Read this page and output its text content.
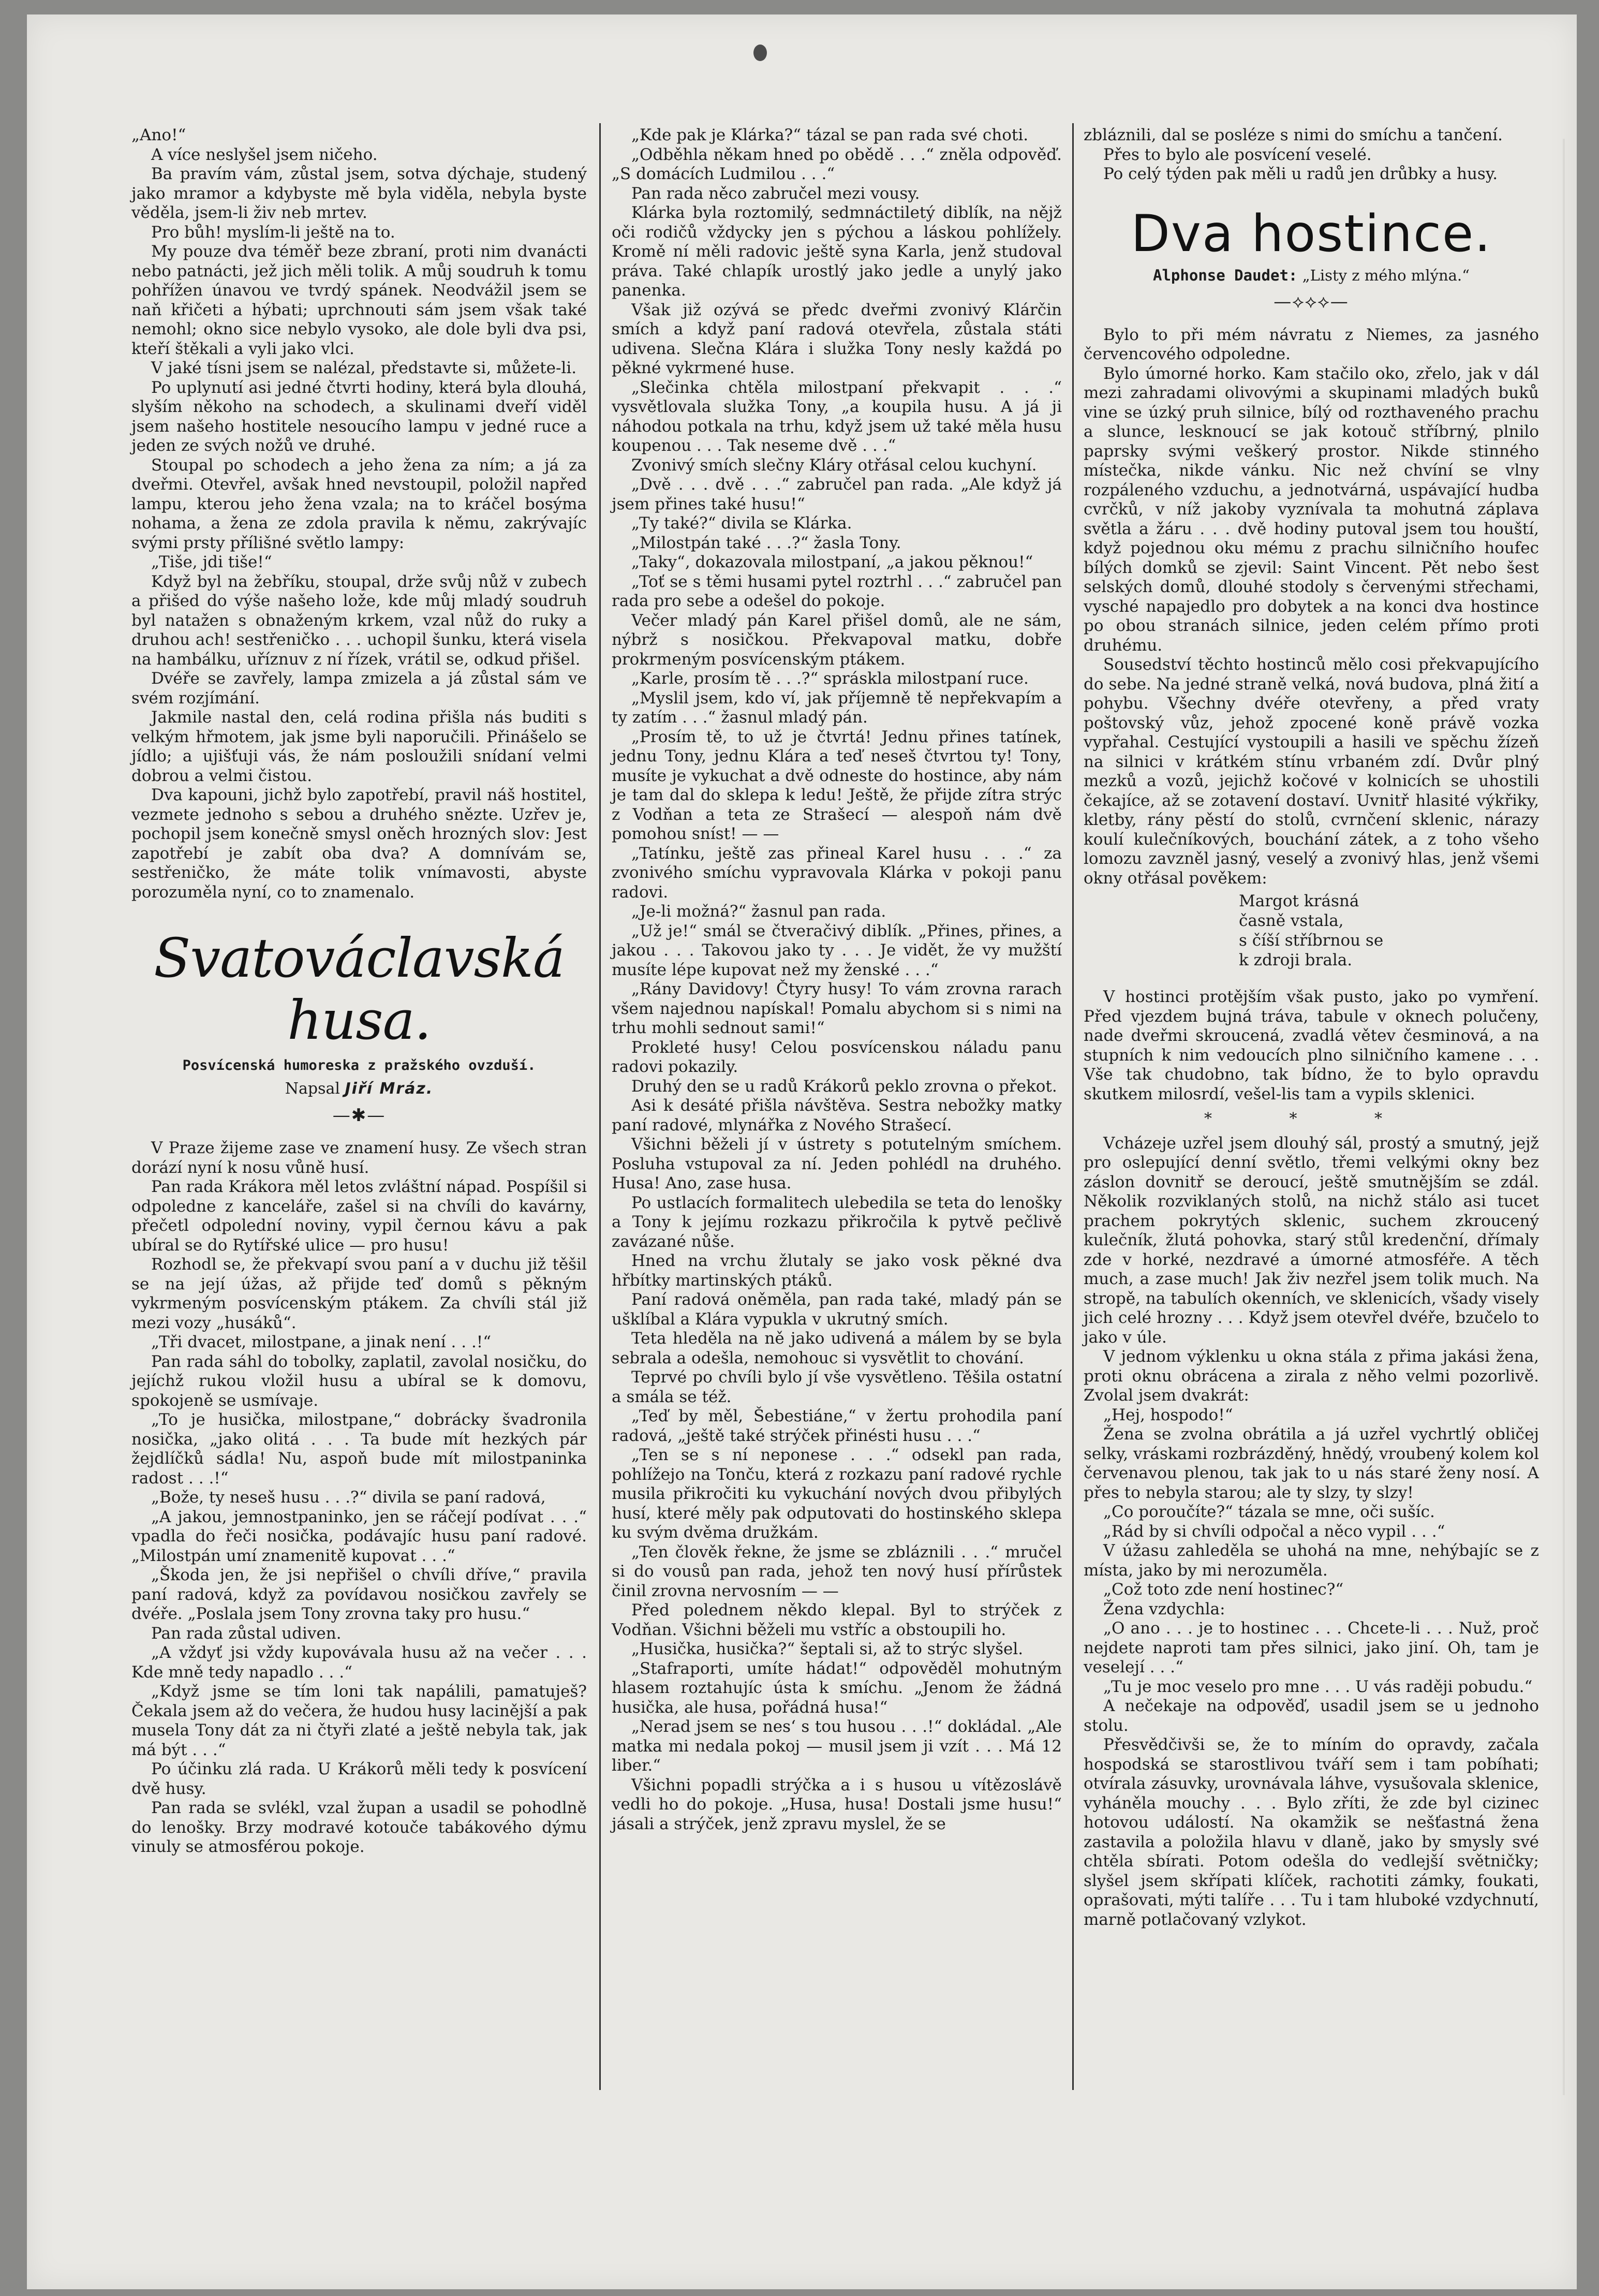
„Ano!“

A více neslyšel jsem ničeho.

Ba pravím vám, zůstal jsem, sotva dýchaje, studený jako mramor a kdybyste mě byla viděla, nebyla byste věděla, jsem-li živ neb mrtev.

Pro bůh! myslím-li ještě na to.

My pouze dva téměř beze zbraní, proti nim dvanácti nebo patnácti, jež jich měli tolik. A můj soudruh k tomu pohřížen únavou ve tvrdý spánek. Neodvážil jsem se naň křičeti a hýbati; uprchnouti sám jsem však také nemohl; okno sice nebylo vysoko, ale dole byli dva psi, kteří štěkali a vyli jako vlci.

V jaké tísni jsem se nalézal, představte si, můžete-li.

Po uplynutí asi jedné čtvrti hodiny, která byla dlouhá, slyším někoho na schodech, a skulinami dveří viděl jsem našeho hostitele nesoucího lampu v jedné ruce a jeden ze svých nožů ve druhé.

Stoupal po schodech a jeho žena za ním; a já za dveřmi. Otevřel, avšak hned nevstoupil, položil napřed lampu, kterou jeho žena vzala; na to kráčel bosýma nohama, a žena ze zdola pravila k němu, zakrývajíc svými prsty přílišné světlo lampy:

„Tiše, jdi tiše!“

Když byl na žebříku, stoupal, drže svůj nůž v zubech a přišed do výše našeho lože, kde můj mladý soudruh byl natažen s obnaženým krkem, vzal nůž do ruky a druhou ach! sestřeničko . . . uchopil šunku, která visela na hambálku, uříznuv z ní řízek, vrátil se, odkud přišel.

Dvéře se zavřely, lampa zmizela a já zůstal sám ve svém rozjímání.

Jakmile nastal den, celá rodina přišla nás buditi s velkým hřmotem, jak jsme byli naporučili. Přinášelo se jídlo; a ujišťuji vás, že nám posloužili snídaní velmi dobrou a velmi čistou.

Dva kapouni, jichž bylo zapotřebí, pravil náš hostitel, vezmete jednoho s sebou a druhého snězte. Uzřev je, pochopil jsem konečně smysl oněch hrozných slov: Jest zapotřebí je zabít oba dva? A domnívám se, sestřeničko, že máte tolik vnímavosti, abyste porozuměla nyní, co to znamenalo.

Svatováclavská husa.
Posvícenská humoreska z pražského ovzduší.
Napsal Jiří Mráz.
—✱—

V Praze žijeme zase ve znamení husy. Ze všech stran dorází nyní k nosu vůně husí.

Pan rada Krákora měl letos zvláštní nápad. Pospíšil si odpoledne z kanceláře, zašel si na chvíli do kavárny, přečetl odpolední noviny, vypil černou kávu a pak ubíral se do Rytířské ulice — pro husu!

Rozhodl se, že překvapí svou paní a v duchu již těšil se na její úžas, až přijde teď domů s pěkným vykrmeným posvícenským ptákem. Za chvíli stál již mezi vozy „husáků“.

„Tři dvacet, milostpane, a jinak není . . .!“

Pan rada sáhl do tobolky, zaplatil, zavolal nosičku, do jejíchž rukou vložil husu a ubíral se k domovu, spokojeně se usmívaje.

„To je husička, milostpane,“ dobrácky švadronila nosička, „jako olitá . . . Ta bude mít hezkých pár žejdlíčků sádla! Nu, aspoň bude mít milostpaninka radost . . .!“

„Bože, ty neseš husu . . .?“ divila se paní radová,

„A jakou, jemnostpaninko, jen se ráčejí podívat . . .“ vpadla do řeči nosička, podávajíc husu paní radové. „Milostpán umí znamenitě kupovat . . .“

„Škoda jen, že jsi nepřišel o chvíli dříve,“ pravila paní radová, když za povídavou nosičkou zavřely se dvéře. „Poslala jsem Tony zrovna taky pro husu.“

Pan rada zůstal udiven.

„A vždyť jsi vždy kupovávala husu až na večer . . . Kde mně tedy napadlo . . .“

„Když jsme se tím loni tak napálili, pamatuješ? Čekala jsem až do večera, že hudou husy lacinější a pak musela Tony dát za ni čtyři zlaté a ještě nebyla tak, jak má být . . .“

Po účinku zlá rada. U Krákorů měli tedy k posvícení dvě husy.

Pan rada se svlékl, vzal župan a usadil se pohodlně do lenošky. Brzy modravé kotouče tabákového dýmu vinuly se atmosférou pokoje.

„Kde pak je Klárka?“ tázal se pan rada své choti.

„Odběhla někam hned po obědě . . .“ zněla odpověď. „S domácích Ludmilou . . .“

Pan rada něco zabručel mezi vousy.

Klárka byla roztomilý, sedmnáctiletý diblík, na nějž oči rodičů vždycky jen s pýchou a láskou pohlížely. Kromě ní měli radovic ještě syna Karla, jenž studoval práva. Také chlapík urostlý jako jedle a unylý jako panenka.

Však již ozývá se předc dveřmi zvonivý Klárčin smích a když paní radová otevřela, zůstala státi udivena. Slečna Klára i služka Tony nesly každá po pěkné vykrmené huse.

„Slečinka chtěla milostpaní překvapit . . .“ vysvětlovala služka Tony, „a koupila husu. A já ji náhodou potkala na trhu, když jsem už také měla husu koupenou . . . Tak neseme dvě . . .“

Zvonivý smích slečny Kláry otřásal celou kuchyní.

„Dvě . . . dvě . . .“ zabručel pan rada. „Ale když já jsem přines také husu!“

„Ty také?“ divila se Klárka.

„Milostpán také . . .?“ žasla Tony.

„Taky“, dokazovala milostpaní, „a jakou pěknou!“

„Toť se s těmi husami pytel roztrhl . . .“ zabručel pan rada pro sebe a odešel do pokoje.

Večer mladý pán Karel přišel domů, ale ne sám, nýbrž s nosičkou. Překvapoval matku, dobře prokrmeným posvícenským ptákem.

„Karle, prosím tě . . .?“ spráskla milostpaní ruce.

„Myslil jsem, kdo ví, jak příjemně tě nepřekvapím a ty zatím . . .“ žasnul mladý pán.

„Prosím tě, to už je čtvrtá! Jednu přines tatínek, jednu Tony, jednu Klára a teď neseš čtvrtou ty! Tony, musíte je vykuchat a dvě odneste do hostince, aby nám je tam dal do sklepa k ledu! Ještě, že přijde zítra strýc z Vodňan a teta ze Strašecí — alespoň nám dvě pomohou sníst! — —

„Tatínku, ještě zas přineal Karel husu . . .“ za zvonivého smíchu vypravovala Klárka v pokoji panu radovi.

„Je-li možná?“ žasnul pan rada.

„Už je!“ smál se čtveračivý diblík. „Přines, přines, a jakou . . . Takovou jako ty . . . Je vidět, že vy mužští musíte lépe kupovat než my ženské . . .“

„Rány Davidovy! Čtyry husy! To vám zrovna rarach všem najednou napískal! Pomalu abychom si s nimi na trhu mohli sednout sami!“

Prokleté husy! Celou posvícenskou náladu panu radovi pokazily.

Druhý den se u radů Krákorů peklo zrovna o překot.

Asi k desáté přišla návštěva. Sestra nebožky matky paní radové, mlynářka z Nového Strašecí.

Všichni běželi jí v ústrety s potutelným smíchem. Posluha vstupoval za ní. Jeden pohlédl na druhého. Husa! Ano, zase husa.

Po ustlacích formalitech ulebedila se teta do lenošky a Tony k jejímu rozkazu přikročila k pytvě pečlivě zavázané nůše.

Hned na vrchu žlutaly se jako vosk pěkné dva hřbítky martinských ptáků.

Paní radová oněměla, pan rada také, mladý pán se ušklíbal a Klára vypukla v ukrutný smích.

Teta hleděla na ně jako udivená a málem by se byla sebrala a odešla, nemohouc si vysvětlit to chování.

Teprvé po chvíli bylo jí vše vysvětleno. Těšila ostatní a smála se též.

„Teď by měl, Šebestiáne,“ v žertu prohodila paní radová, „ještě také strýček přinésti husu . . .“

„Ten se s ní neponese . . .“ odsekl pan rada, pohlížejo na Tonču, která z rozkazu paní radové rychle musila přikročiti ku vykuchání nových dvou přibylých husí, které měly pak odputovati do hostinského sklepa ku svým dvěma družkám.

„Ten člověk řekne, že jsme se zbláznili . . .“ mručel si do vousů pan rada, jehož ten nový husí přírůstek činil zrovna nervosním — —

Před polednem někdo klepal. Byl to strýček z Vodňan. Všichni běželi mu vstříc a obstoupili ho.

„Husička, husička?“ šeptali si, až to strýc slyšel.

„Stafraporti, umíte hádat!“ odpověděl mohutným hlasem roztahujíc ústa k smíchu. „Jenom že žádná husička, ale husa, pořádná husa!“

„Nerad jsem se nes‘ s tou husou . . .!“ dokládal. „Ale matka mi nedala pokoj — musil jsem ji vzít . . . Má 12 liber.“

Všichni popadli strýčka a i s husou u vítězoslávě vedli ho do pokoje. „Husa, husa! Dostali jsme husu!“ jásali a strýček, jenž zpravu myslel, že se

zbláznili, dal se posléze s nimi do smíchu a tančení.

Přes to bylo ale posvícení veselé.

Po celý týden pak měli u radů jen drůbky a husy.

Dva hostince.
Alphonse Daudet: „Listy z mého mlýna.“
—⟡⟡⟡—

Bylo to při mém návratu z Niemes, za jasného červencového odpoledne.

Bylo úmorné horko. Kam stačilo oko, zřelo, jak v dál mezi zahradami olivovými a skupinami mladých buků vine se úzký pruh silnice, bílý od rozthaveného prachu a slunce, lesknoucí se jak kotouč stříbrný, plnilo paprsky svými veškerý prostor. Nikde stinného místečka, nikde vánku. Nic než chvíní se vlny rozpáleného vzduchu, a jednotvárná, uspávající hudba cvrčků, v níž jakoby vyznívala ta mohutná záplava světla a žáru . . . dvě hodiny putoval jsem tou houští, když pojednou oku mému z prachu silničního houfec bílých domků se zjevil: Saint Vincent. Pět nebo šest selských domů, dlouhé stodoly s červenými střechami, vysché napajedlo pro dobytek a na konci dva hostince po obou stranách silnice, jeden celém přímo proti druhému.

Sousedství těchto hostinců mělo cosi překvapujícího do sebe. Na jedné straně velká, nová budova, plná žití a pohybu. Všechny dvéře otevřeny, a před vraty poštovský vůz, jehož zpocené koně právě vozka vypřahal. Cestující vystoupili a hasili ve spěchu žízeň na silnici v krátkém stínu vrbaném zdí. Dvůr plný mezků a vozů, jejichž kočové v kolnicích se uhostili čekajíce, až se zotavení dostaví. Uvnitř hlasité výkřiky, kletby, rány pěstí do stolů, cvrnčení sklenic, nárazy koulí kulečníkových, bouchání zátek, a z toho všeho lomozu zavzněl jasný, veselý a zvonivý hlas, jenž všemi okny otřásal pověkem:

Margot krásná
časně vstala,
s číší stříbrnou se
k zdroji brala.

V hostinci protějším však pusto, jako po vymření. Před vjezdem bujná tráva, tabule v oknech polučeny, nade dveřmi skroucená, zvadlá větev česminová, a na stupních k nim vedoucích plno silničního kamene . . . Vše tak chudobno, tak bídno, že to bylo opravdu skutkem milosrdí, vešel-lis tam a vypils sklenici.

* * *

Vcházeje uzřel jsem dlouhý sál, prostý a smutný, jejž pro oslepující denní světlo, třemi velkými okny bez záslon dovnitř se deroucí, ještě smutnějším se zdál. Několik rozviklaných stolů, na nichž stálo asi tucet prachem pokrytých sklenic, suchem zkroucený kulečník, žlutá pohovka, starý stůl kredenční, dřímaly zde v horké, nezdravé a úmorné atmosféře. A těch much, a zase much! Jak živ nezřel jsem tolik much. Na stropě, na tabulích okenních, ve sklenicích, všady visely jich celé hrozny . . . Když jsem otevřel dvéře, bzučelo to jako v úle.

V jednom výklenku u okna stála z přima jakási žena, proti oknu obrácena a zirala z něho velmi pozorlivě. Zvolal jsem dvakrát:

„Hej, hospodo!“

Žena se zvolna obrátila a já uzřel vychrtlý obličej selky, vráskami rozbrázděný, hnědý, vroubený kolem kol červenavou plenou, tak jak to u nás staré ženy nosí. A přes to nebyla starou; ale ty slzy, ty slzy!

„Co poroučíte?“ tázala se mne, oči sušíc.

„Rád by si chvíli odpočal a něco vypil . . .“

V úžasu zahleděla se uhohá na mne, nehýbajíc se z místa, jako by mi nerozuměla.

„Což toto zde není hostinec?“

Žena vzdychla:

„O ano . . . je to hostinec . . . Chcete-li . . . Nuž, proč nejdete naproti tam přes silnici, jako jiní. Oh, tam je veselejí . . .“

„Tu je moc veselo pro mne . . . U vás raději pobudu.“

A nečekaje na odpověď, usadil jsem se u jednoho stolu.

Přesvědčivši se, že to míním do opravdy, začala hospodská se starostlivou tváří sem i tam pobíhati; otvírala zásuvky, urovnávala láhve, vysušovala sklenice, vyháněla mouchy . . . Bylo zříti, že zde byl cizinec hotovou událostí. Na okamžik se nešťastná žena zastavila a položila hlavu v dlaně, jako by smysly své chtěla sbírati. Potom odešla do vedlejší světničky; slyšel jsem skřípati klíček, rachotiti zámky, foukati, oprašovati, mýti talíře . . . Tu i tam hluboké vzdychnutí, marně potlačovaný vzlykot.
